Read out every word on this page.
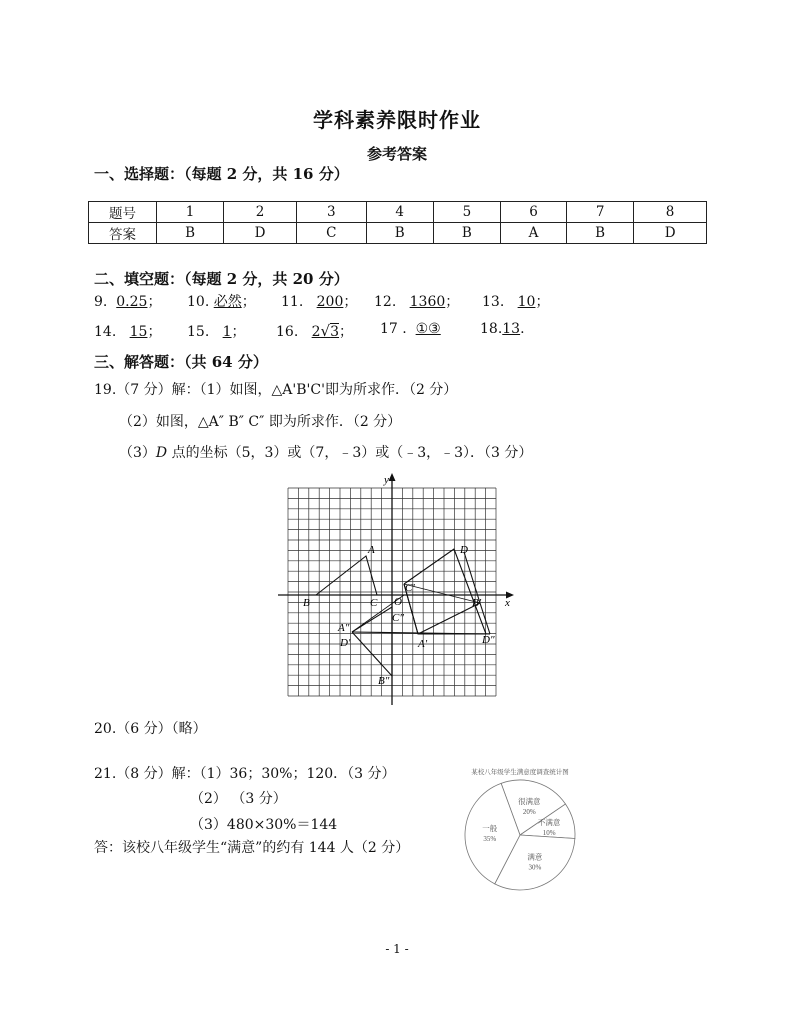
学科素养限时作业
参考答案
一、选择题：（每题 2 分，共 16 分）
题号	1	2	3	4	5	6	7	8
答案	B	D	C	B	B	A	B	D
二、填空题：（每题 2 分，共 20 分）
9. 0.25； 10. 必然； 11. 200； 12. 1360； 13. 10；
14. 15； 15. 1； 16. 2√3； 17 . ①③	18.13.
三、解答题：（共 64 分）
19.（7 分）解：（1）如图，△A'B'C'即为所求作．（2 分）
（2）如图，△A″ B″ C″ 即为所求作．（2 分）
（3）D 点的坐标（5，3）或（7，﹣3）或（﹣3，﹣3）．（3 分）
y
x
O
A
B	C
D
C'
B'
A'	D″
A″
D'
C″
B″
20.（6 分）（略）
21.（8 分）解：（1）36；30%；120．（3 分）
（2） （3 分）
（3）480×30%＝144
答：该校八年级学生“满意”的约有 144 人（2 分）
某校八年级学生满意度调查统计图
很满意
20%
不满意
10%
满意
30%
一般
35%
- 1 -
